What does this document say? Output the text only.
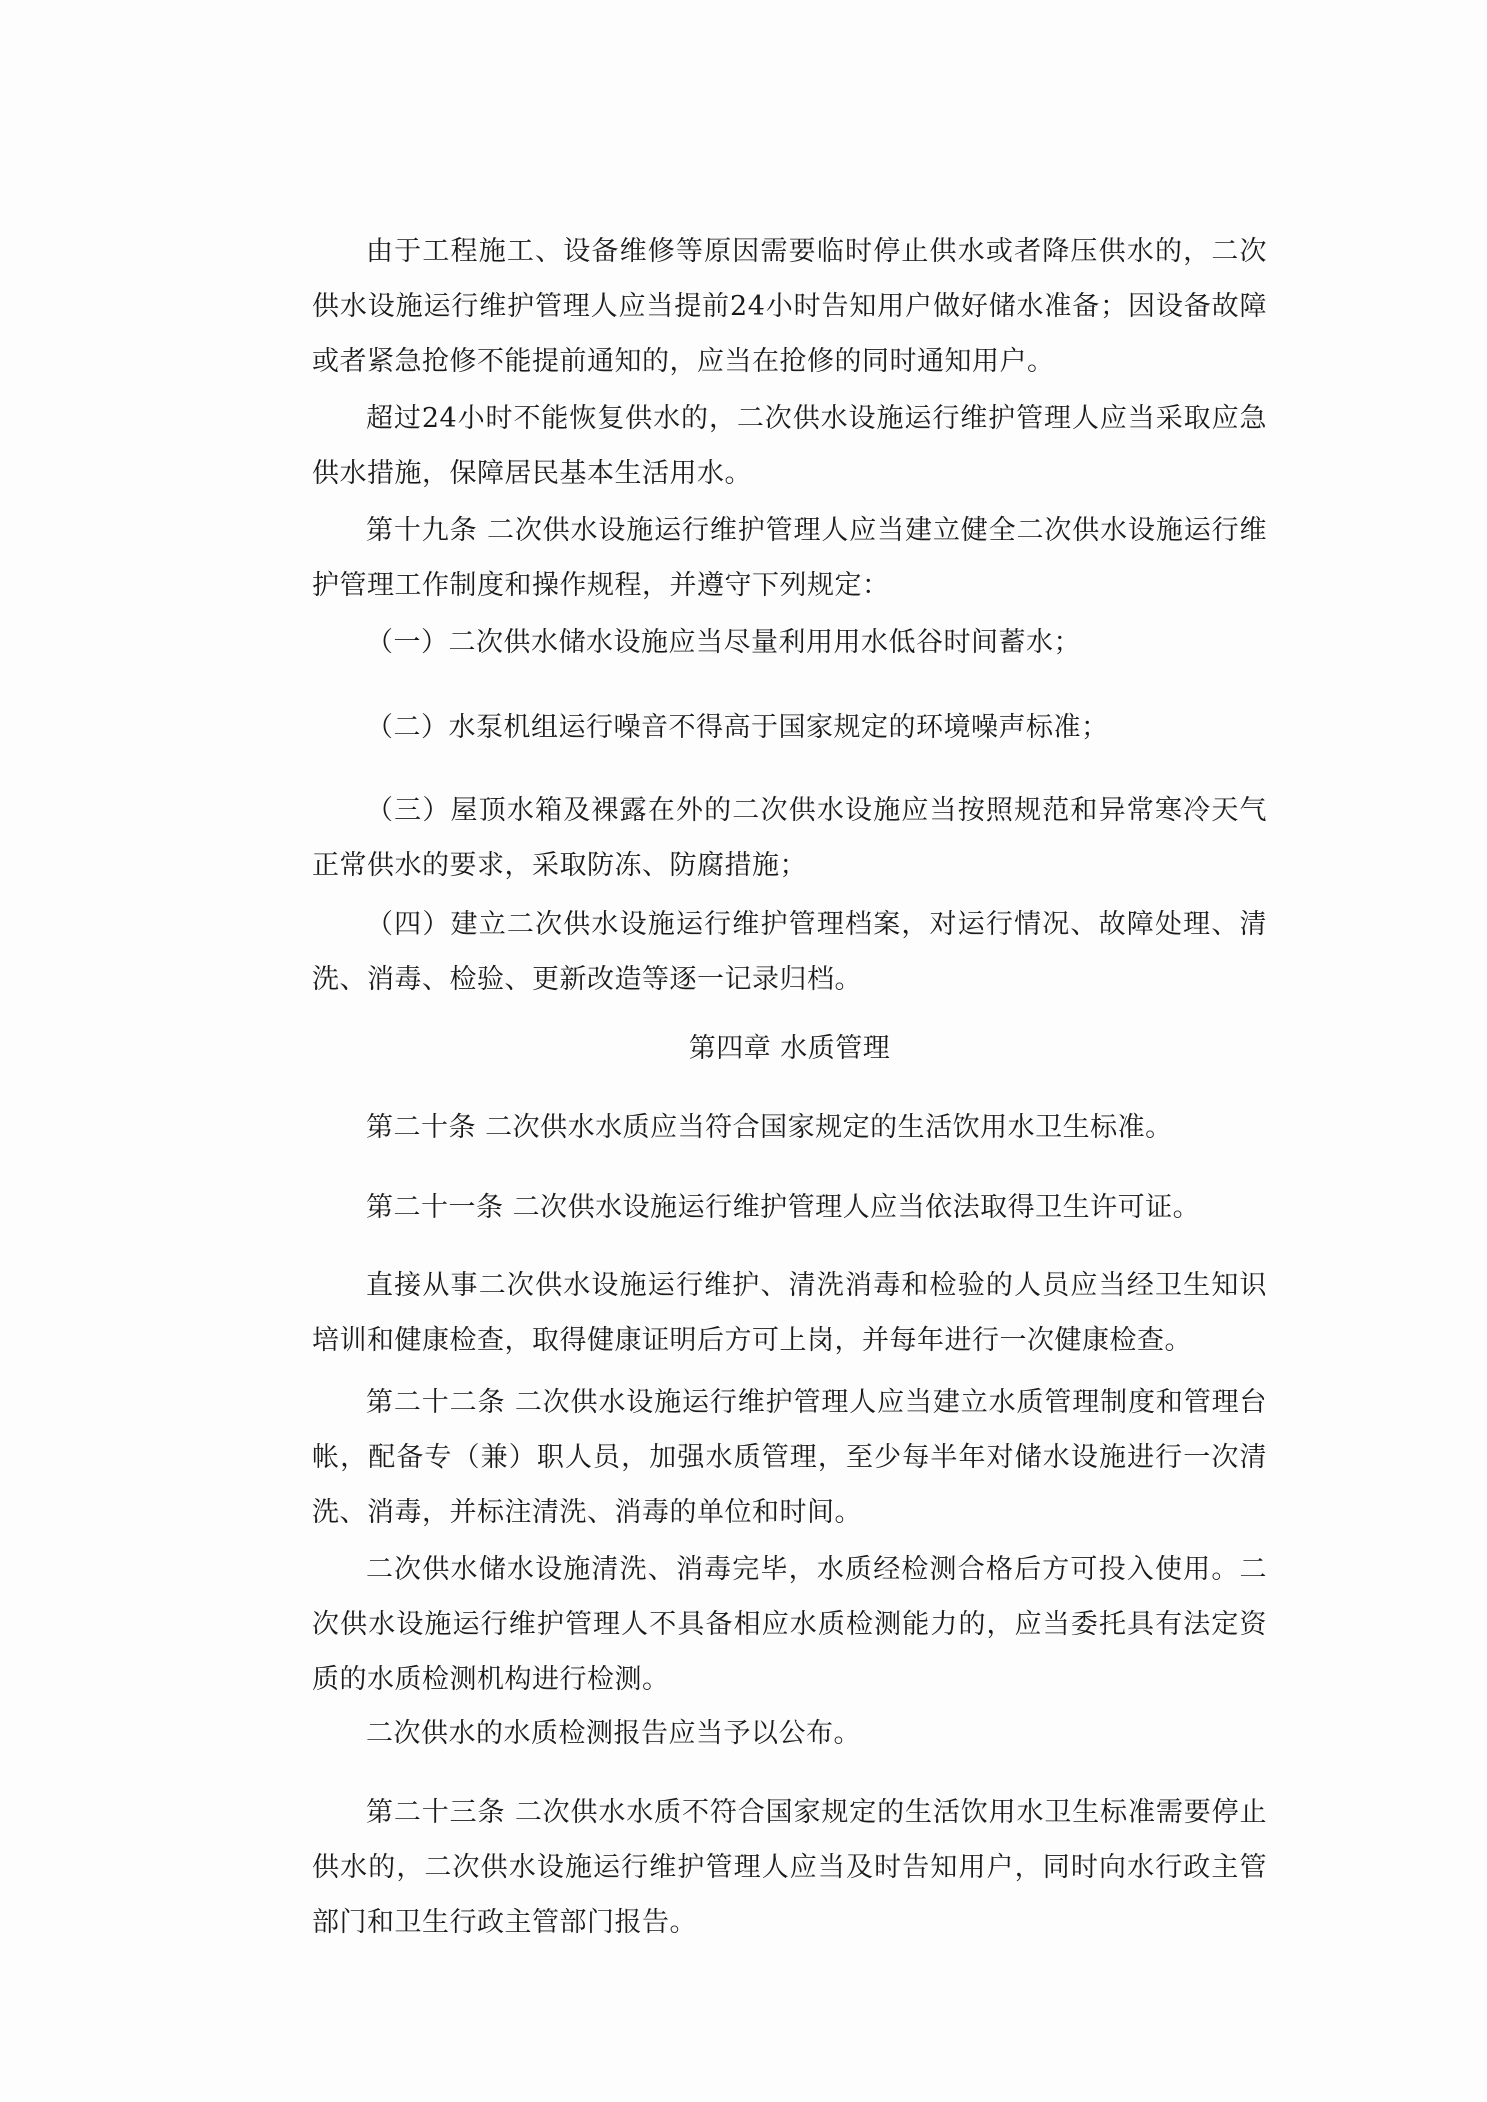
由于工程施工、设备维修等原因需要临时停止供水或者降压供水的，二次供水设施运行维护管理人应当提前24小时告知用户做好储水准备；因设备故障或者紧急抢修不能提前通知的，应当在抢修的同时通知用户。

超过24小时不能恢复供水的，二次供水设施运行维护管理人应当采取应急供水措施，保障居民基本生活用水。

第十九条 二次供水设施运行维护管理人应当建立健全二次供水设施运行维护管理工作制度和操作规程，并遵守下列规定：

（一）二次供水储水设施应当尽量利用用水低谷时间蓄水；

（二）水泵机组运行噪音不得高于国家规定的环境噪声标准；

（三）屋顶水箱及裸露在外的二次供水设施应当按照规范和异常寒冷天气正常供水的要求，采取防冻、防腐措施；

（四）建立二次供水设施运行维护管理档案，对运行情况、故障处理、清洗、消毒、检验、更新改造等逐一记录归档。

第四章 水质管理

第二十条 二次供水水质应当符合国家规定的生活饮用水卫生标准。

第二十一条 二次供水设施运行维护管理人应当依法取得卫生许可证。

直接从事二次供水设施运行维护、清洗消毒和检验的人员应当经卫生知识培训和健康检查，取得健康证明后方可上岗，并每年进行一次健康检查。

第二十二条 二次供水设施运行维护管理人应当建立水质管理制度和管理台帐，配备专（兼）职人员，加强水质管理，至少每半年对储水设施进行一次清洗、消毒，并标注清洗、消毒的单位和时间。

二次供水储水设施清洗、消毒完毕，水质经检测合格后方可投入使用。二次供水设施运行维护管理人不具备相应水质检测能力的，应当委托具有法定资质的水质检测机构进行检测。

二次供水的水质检测报告应当予以公布。

第二十三条 二次供水水质不符合国家规定的生活饮用水卫生标准需要停止供水的，二次供水设施运行维护管理人应当及时告知用户，同时向水行政主管部门和卫生行政主管部门报告。
